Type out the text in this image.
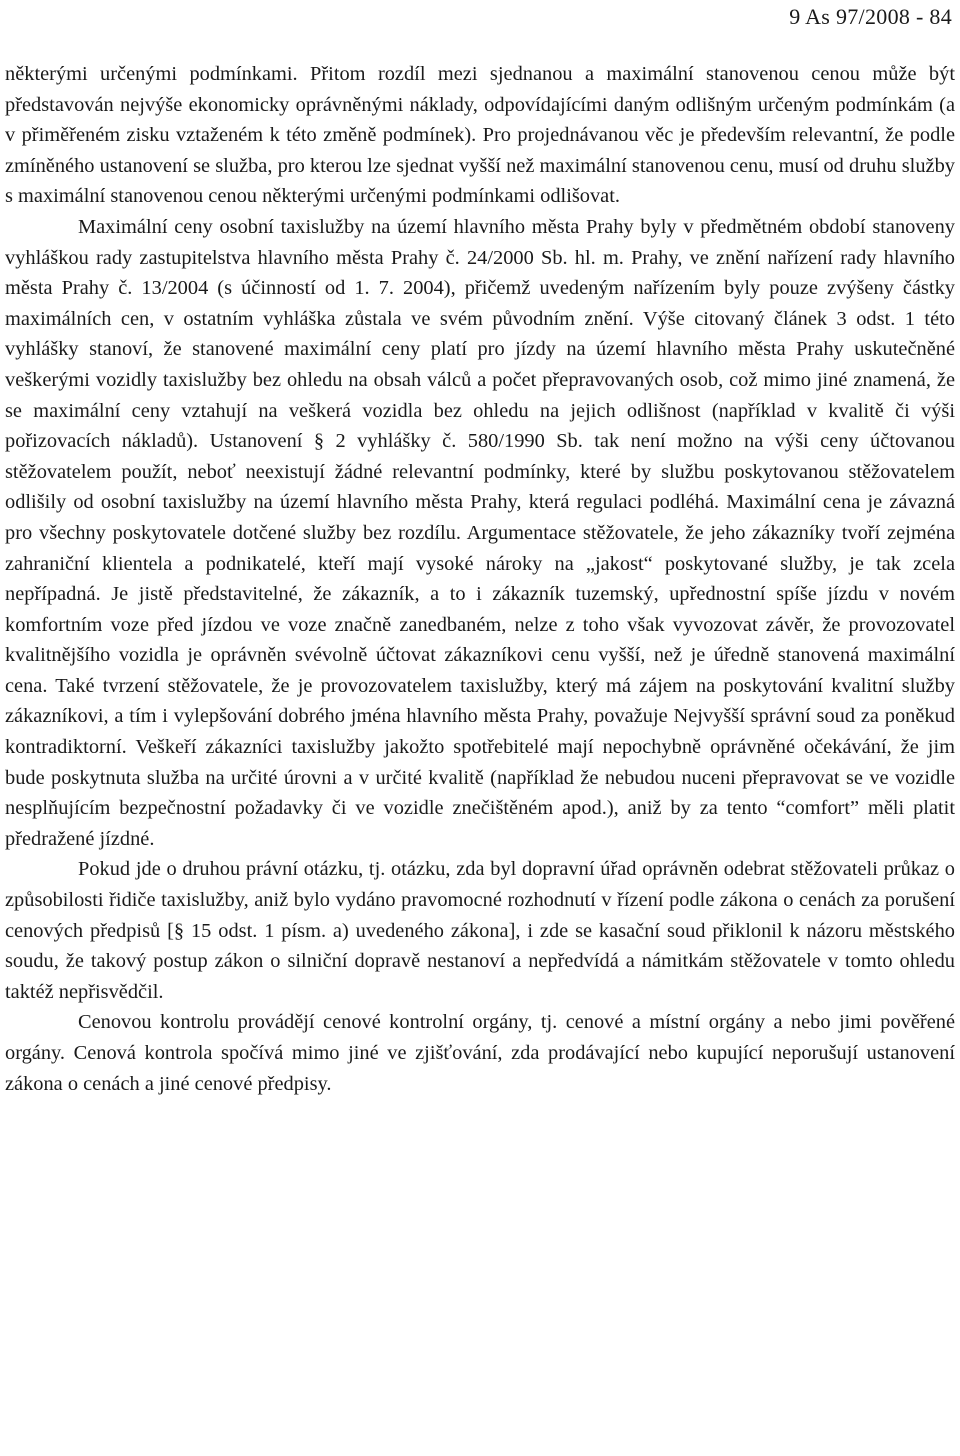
9 As 97/2008 - 84

některými určenými podmínkami. Přitom rozdíl mezi sjednanou a maximální stanovenou cenou může být představován nejvýše ekonomicky oprávněnými náklady, odpovídajícími daným odlišným určeným podmínkám (a v přiměřeném zisku vztaženém k této změně podmínek). Pro projednávanou věc je především relevantní, že podle zmíněného ustanovení se služba, pro kterou lze sjednat vyšší než maximální stanovenou cenu, musí od druhu služby s maximální stanovenou cenou některými určenými podmínkami odlišovat.

Maximální ceny osobní taxislužby na území hlavního města Prahy byly v předmětném období stanoveny vyhláškou rady zastupitelstva hlavního města Prahy č. 24/2000 Sb. hl. m. Prahy, ve znění nařízení rady hlavního města Prahy č. 13/2004 (s účinností od 1. 7. 2004), přičemž uvedeným nařízením byly pouze zvýšeny částky maximálních cen, v ostatním vyhláška zůstala ve svém původním znění. Výše citovaný článek 3 odst. 1 této vyhlášky stanoví, že stanovené maximální ceny platí pro jízdy na území hlavního města Prahy uskutečněné veškerými vozidly taxislužby bez ohledu na obsah válců a počet přepravovaných osob, což mimo jiné znamená, že se maximální ceny vztahují na veškerá vozidla bez ohledu na jejich odlišnost (například v kvalitě či výši pořizovacích nákladů). Ustanovení § 2 vyhlášky č. 580/1990 Sb. tak není možno na výši ceny účtovanou stěžovatelem použít, neboť neexistují žádné relevantní podmínky, které by službu poskytovanou stěžovatelem odlišily od osobní taxislužby na území hlavního města Prahy, která regulaci podléhá. Maximální cena je závazná pro všechny poskytovatele dotčené služby bez rozdílu. Argumentace stěžovatele, že jeho zákazníky tvoří zejména zahraniční klientela a podnikatelé, kteří mají vysoké nároky na „jakost“ poskytované služby, je tak zcela nepřípadná. Je jistě představitelné, že zákazník, a to i zákazník tuzemský, upřednostní spíše jízdu v novém komfortním voze před jízdou ve voze značně zanedbaném, nelze z toho však vyvozovat závěr, že provozovatel kvalitnějšího vozidla je oprávněn svévolně účtovat zákazníkovi cenu vyšší, než je úředně stanovená maximální cena. Také tvrzení stěžovatele, že je provozovatelem taxislužby, který má zájem na poskytování kvalitní služby zákazníkovi, a tím i vylepšování dobrého jména hlavního města Prahy, považuje Nejvyšší správní soud za poněkud kontradiktorní. Veškeří zákazníci taxislužby jakožto spotřebitelé mají nepochybně oprávněné očekávání, že jim bude poskytnuta služba na určité úrovni a v určité kvalitě (například že nebudou nuceni přepravovat se ve vozidle nesplňujícím bezpečnostní požadavky či ve vozidle znečištěném apod.), aniž by za tento “comfort” měli platit předražené jízdné.

Pokud jde o druhou právní otázku, tj. otázku, zda byl dopravní úřad oprávněn odebrat stěžovateli průkaz o způsobilosti řidiče taxislužby, aniž bylo vydáno pravomocné rozhodnutí v řízení podle zákona o cenách za porušení cenových předpisů [§ 15 odst. 1 písm. a) uvedeného zákona], i zde se kasační soud přiklonil k názoru městského soudu, že takový postup zákon o silniční dopravě nestanoví a nepředvídá a námitkám stěžovatele v tomto ohledu taktéž nepřisvědčil.

Cenovou kontrolu provádějí cenové kontrolní orgány, tj. cenové a místní orgány a nebo jimi pověřené orgány. Cenová kontrola spočívá mimo jiné ve zjišťování, zda prodávající nebo kupující neporušují ustanovení zákona o cenách a jiné cenové předpisy.
